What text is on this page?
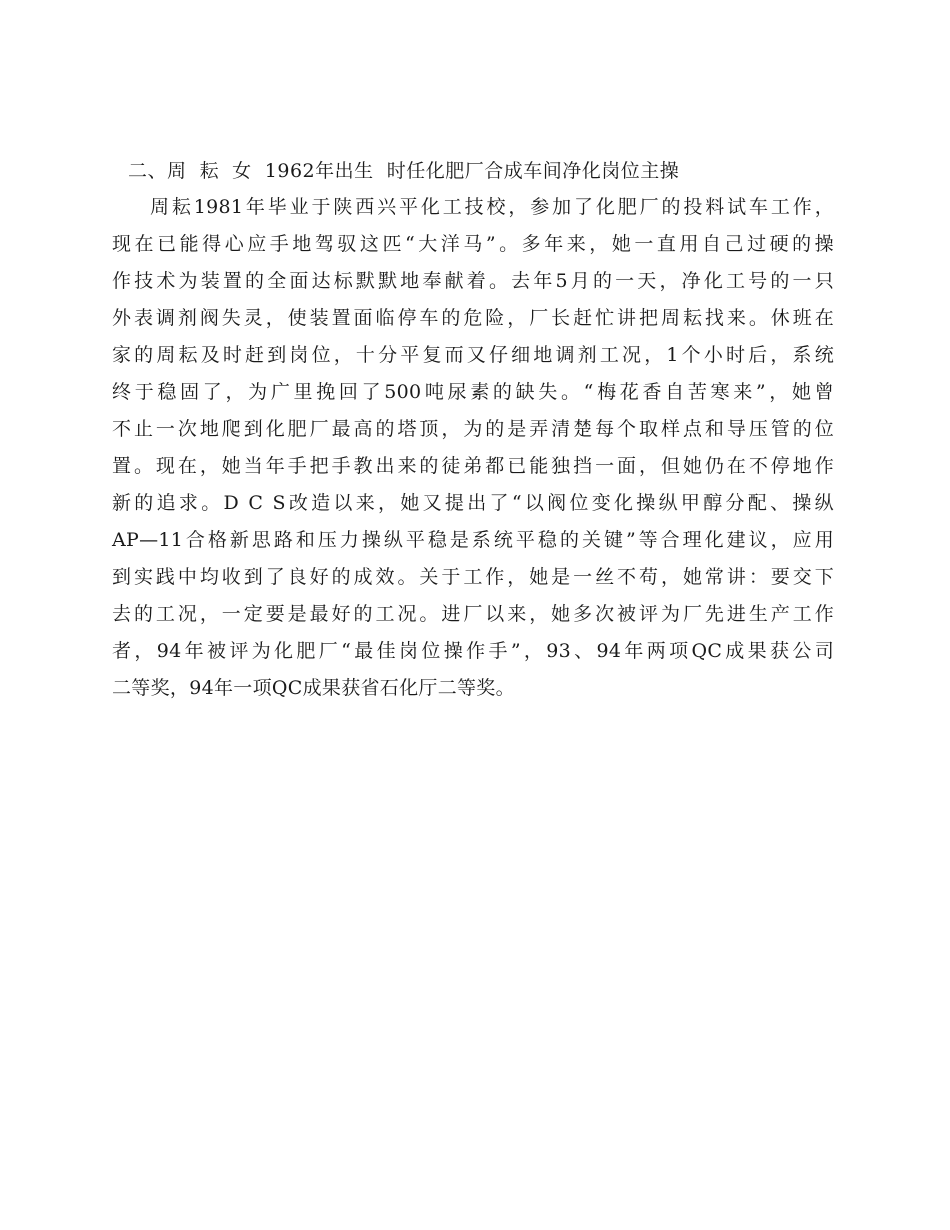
二、周  耘  女 1962年出生 时任化肥厂合成车间净化岗位主操
周耘1981年毕业于陕西兴平化工技校，参加了化肥厂的投料试车工作，
现在已能得心应手地驾驭这匹“大洋马”。多年来，她一直用自己过硬的操
作技术为装置的全面达标默默地奉献着。去年5月的一天，净化工号的一只
外表调剂阀失灵，使装置面临停车的危险，厂长赶忙讲把周耘找来。休班在
家的周耘及时赶到岗位，十分平复而又仔细地调剂工况，1个小时后，系统
终于稳固了，为广里挽回了500吨尿素的缺失。“梅花香自苦寒来”，她曾
不止一次地爬到化肥厂最高的塔顶，为的是弄清楚每个取样点和导压管的位
置。现在，她当年手把手教出来的徒弟都已能独挡一面，但她仍在不停地作
新的追求。D C S改造以来，她又提出了“以阀位变化操纵甲醇分配、操纵
AP—11合格新思路和压力操纵平稳是系统平稳的关键”等合理化建议，应用
到实践中均收到了良好的成效。关于工作，她是一丝不苟，她常讲：要交下
去的工况，一定要是最好的工况。进厂以来，她多次被评为厂先进生产工作
者，94年被评为化肥厂“最佳岗位操作手”，93、94年两项QC成果获公司
二等奖，94年一项QC成果获省石化厅二等奖。
